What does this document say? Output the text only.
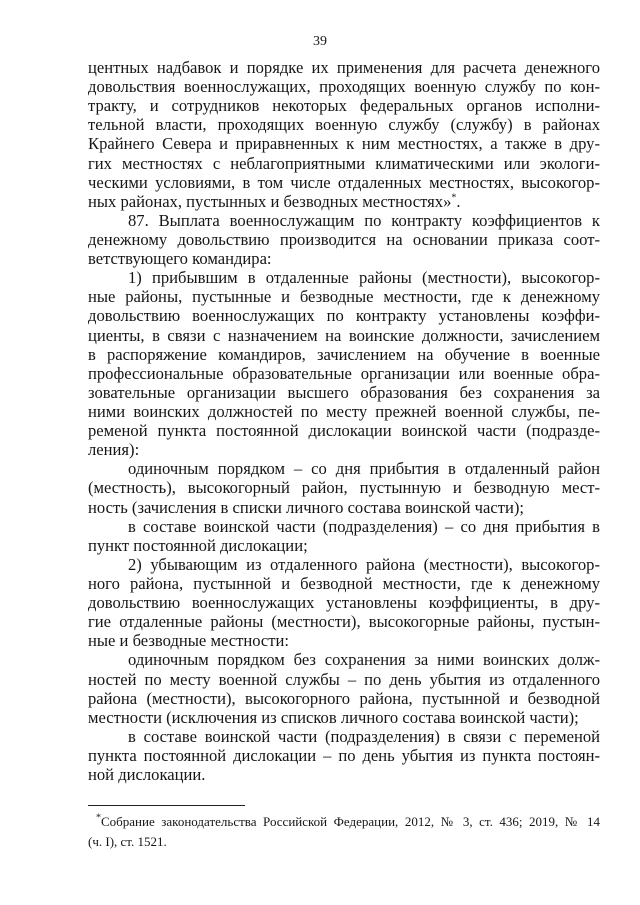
39
центных надбавок и порядке их применения для расчета денежного
довольствия военнослужащих, проходящих военную службу по кон-
тракту, и сотрудников некоторых федеральных органов исполни-
тельной власти, проходящих военную службу (службу) в районах
Крайнего Севера и приравненных к ним местностях, а также в дру-
гих местностях с неблагоприятными климатическими или экологи-
ческими условиями, в том числе отдаленных местностях, высокогор-
ных районах, пустынных и безводных местностях»*.
87. Выплата военнослужащим по контракту коэффициентов к
денежному довольствию производится на основании приказа соот-
ветствующего командира:
1) прибывшим в отдаленные районы (местности), высокогор-
ные районы, пустынные и безводные местности, где к денежному
довольствию военнослужащих по контракту установлены коэффи-
циенты, в связи с назначением на воинские должности, зачислением
в распоряжение командиров, зачислением на обучение в военные
профессиональные образовательные организации или военные обра-
зовательные организации высшего образования без сохранения за
ними воинских должностей по месту прежней военной службы, пе-
ременой пункта постоянной дислокации воинской части (подразде-
ления):
одиночным порядком – со дня прибытия в отдаленный район
(местность), высокогорный район, пустынную и безводную мест-
ность (зачисления в списки личного состава воинской части);
в составе воинской части (подразделения) – со дня прибытия в
пункт постоянной дислокации;
2) убывающим из отдаленного района (местности), высокогор-
ного района, пустынной и безводной местности, где к денежному
довольствию военнослужащих установлены коэффициенты, в дру-
гие отдаленные районы (местности), высокогорные районы, пустын-
ные и безводные местности:
одиночным порядком без сохранения за ними воинских долж-
ностей по месту военной службы – по день убытия из отдаленного
района (местности), высокогорного района, пустынной и безводной
местности (исключения из списков личного состава воинской части);
в составе воинской части (подразделения) в связи с переменой
пункта постоянной дислокации – по день убытия из пункта постоян-
ной дислокации.
*Собрание законодательства Российской Федерации, 2012, № 3, ст. 436; 2019, № 14
(ч. I), ст. 1521.
